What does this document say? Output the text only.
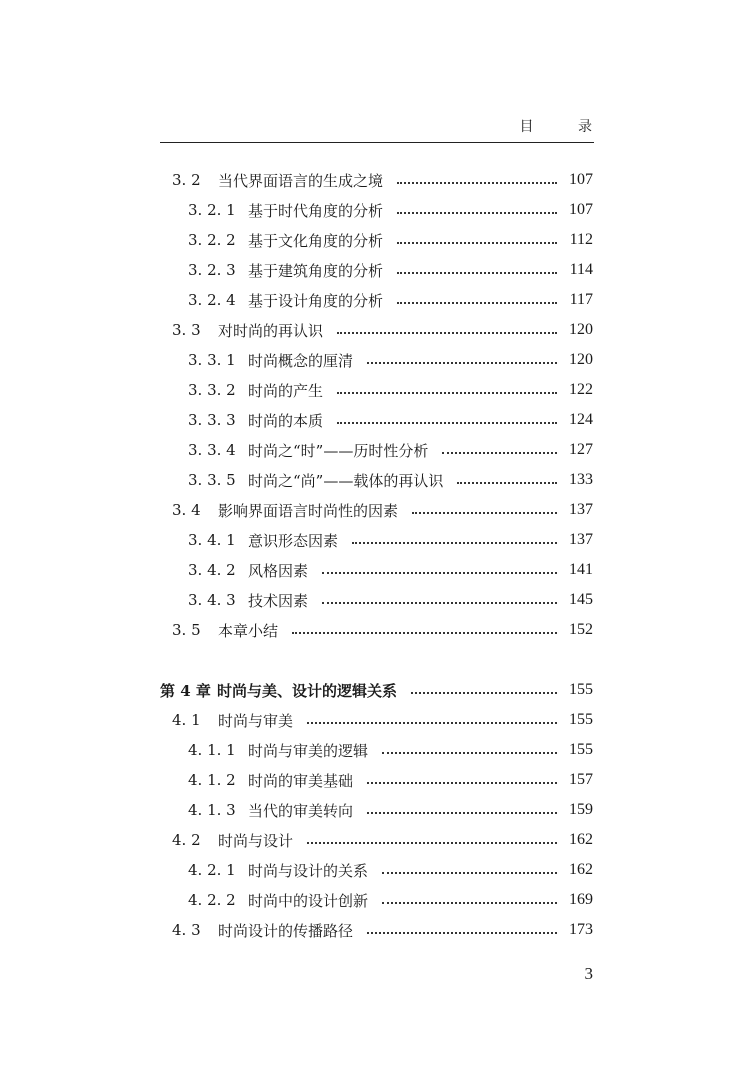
目 录
3. 2	当代界面语言的生成之境	107
3. 2. 1 基于时代角度的分析	107
3. 2. 2 基于文化角度的分析	112
3. 2. 3 基于建筑角度的分析	114
3. 2. 4 基于设计角度的分析	117
3. 3	对时尚的再认识	120
3. 3. 1 时尚概念的厘清	120
3. 3. 2 时尚的产生	122
3. 3. 3 时尚的本质	124
3. 3. 4 时尚之“时”——历时性分析	127
3. 3. 5 时尚之“尚”——载体的再认识	133
3. 4	影响界面语言时尚性的因素	137
3. 4. 1 意识形态因素	137
3. 4. 2 风格因素	141
3. 4. 3 技术因素	145
3. 5	本章小结	152
第 4 章 时尚与美、设计的逻辑关系	155
4. 1	时尚与审美	155
4. 1. 1 时尚与审美的逻辑	155
4. 1. 2 时尚的审美基础	157
4. 1. 3 当代的审美转向	159
4. 2	时尚与设计	162
4. 2. 1 时尚与设计的关系	162
4. 2. 2 时尚中的设计创新	169
4. 3	时尚设计的传播路径	173
3
